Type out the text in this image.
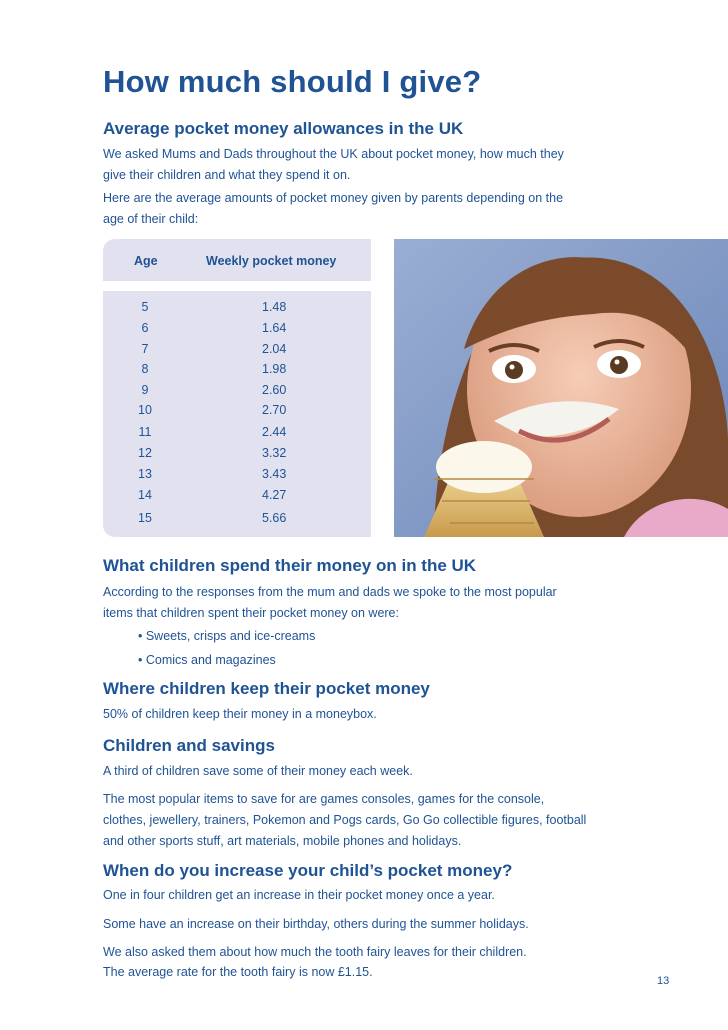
How much should I give?
Average pocket money allowances in the UK
We asked Mums and Dads throughout the UK about pocket money, how much they
give their children and what they spend it on.
Here are the average amounts of pocket money given by parents depending on the
age of their child:
Age	Weekly pocket money
5	1.48
6	1.64
7	2.04
8	1.98
9	2.60
10	2.70
11	2.44
12	3.32
13	3.43
14	4.27
15	5.66
What children spend their money on in the UK
According to the responses from the mum and dads we spoke to the most popular
items that children spent their pocket money on were:
• Sweets, crisps and ice-creams
• Comics and magazines
Where children keep their pocket money
50% of children keep their money in a moneybox.
Children and savings
A third of children save some of their money each week.
The most popular items to save for are games consoles, games for the console,
clothes, jewellery, trainers, Pokemon and Pogs cards, Go Go collectible figures, football
and other sports stuff, art materials, mobile phones and holidays.
When do you increase your child’s pocket money?
One in four children get an increase in their pocket money once a year.
Some have an increase on their birthday, others during the summer holidays.
We also asked them about how much the tooth fairy leaves for their children.
The average rate for the tooth fairy is now £1.15.
13
